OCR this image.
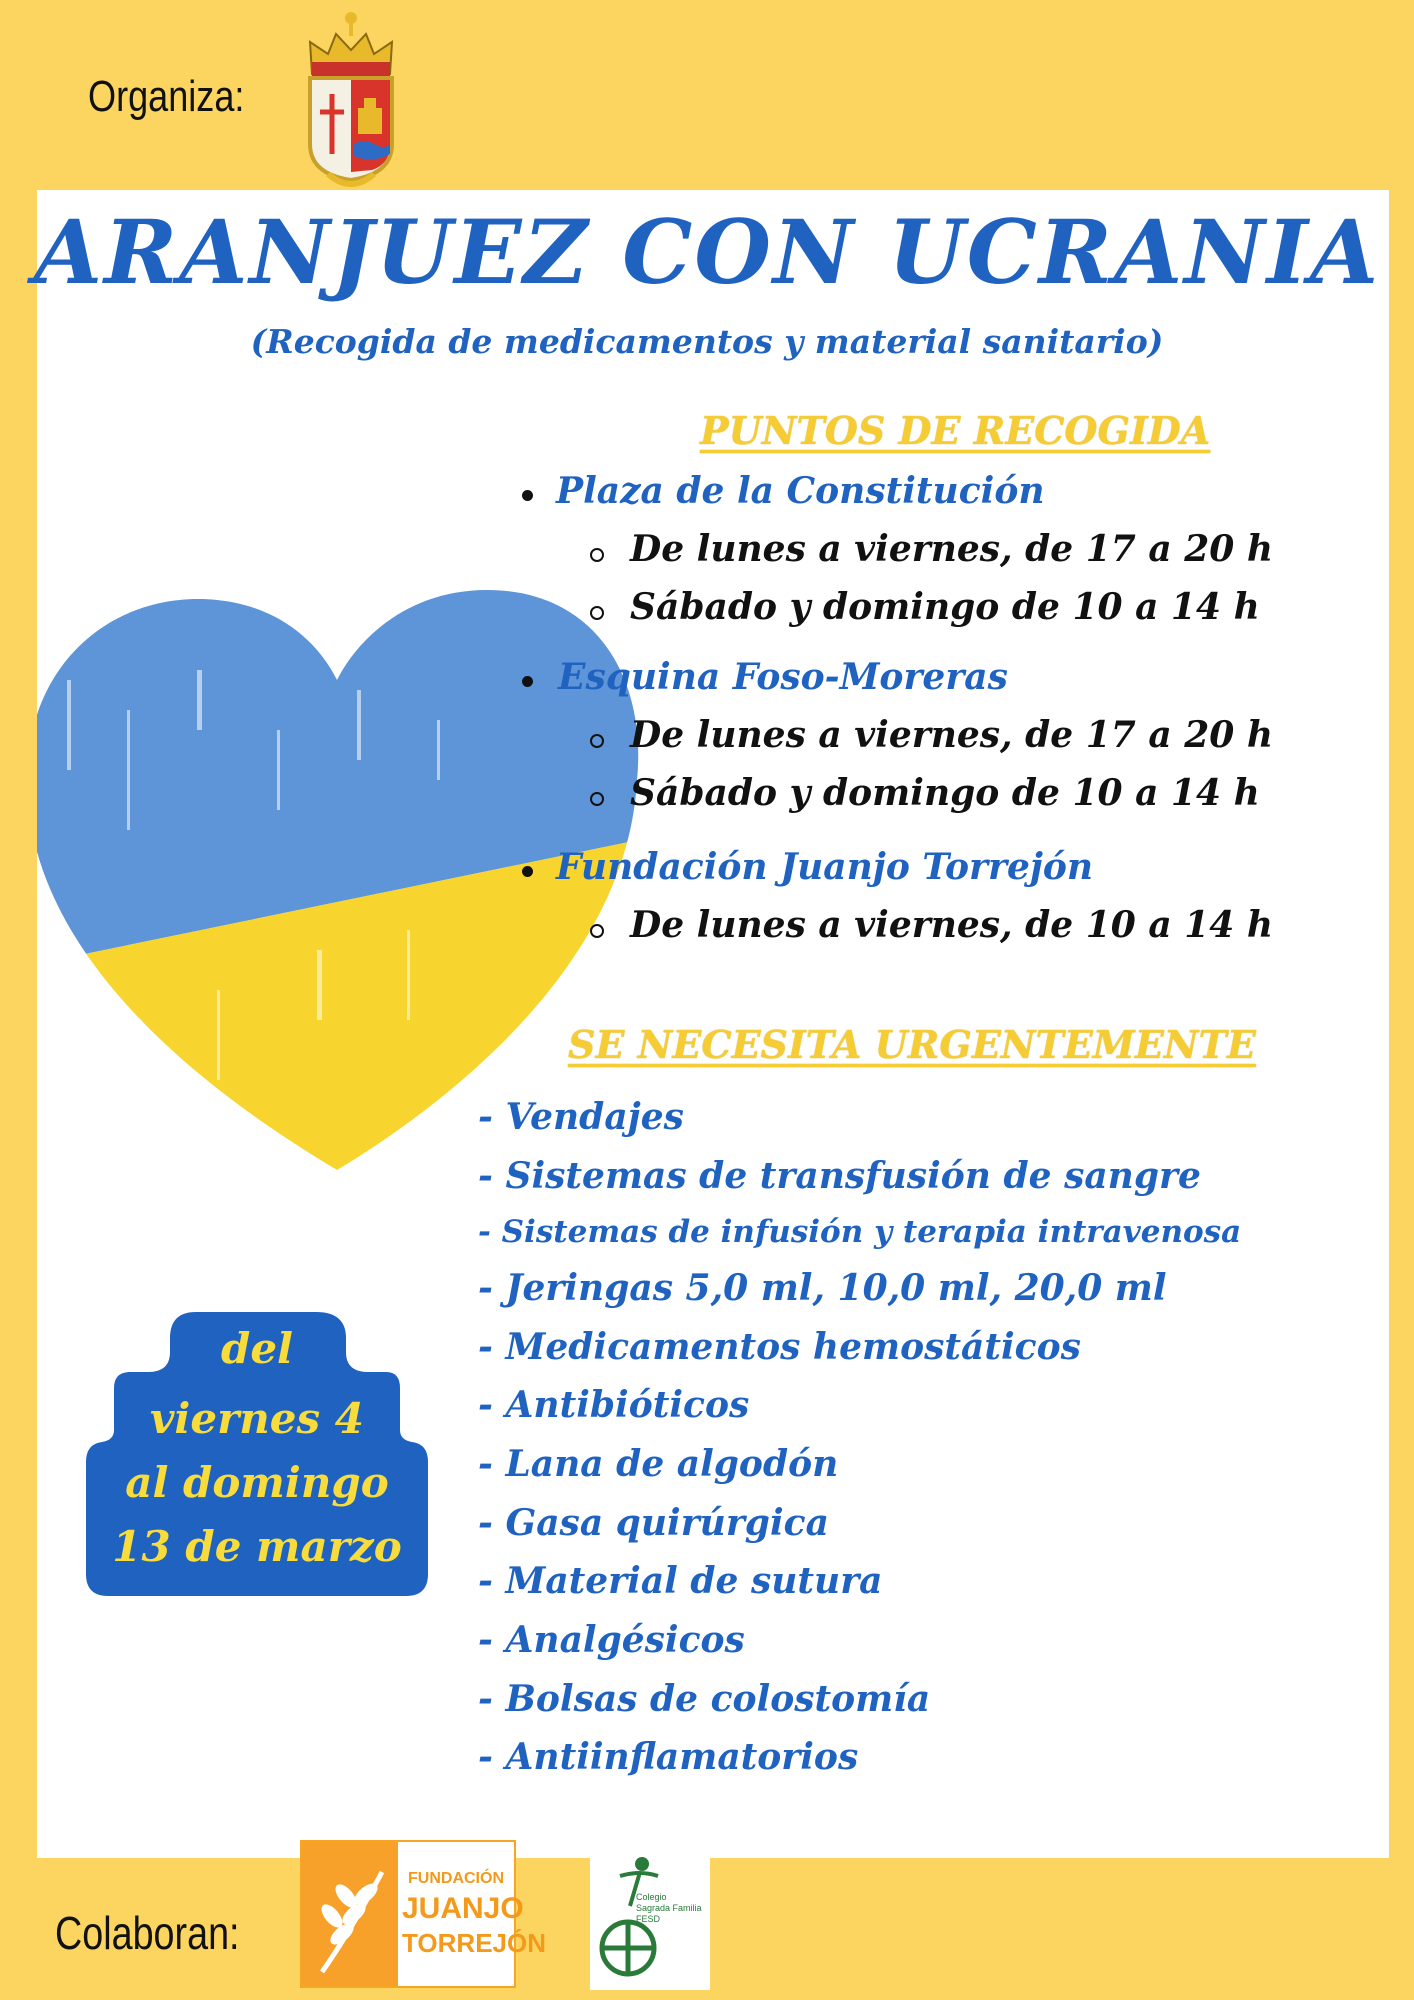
Organiza:
ARANJUEZ CON UCRANIA
(Recogida de medicamentos y material sanitario)
PUNTOS DE RECOGIDA
Plaza de la Constitución
De lunes a viernes, de 17 a 20 h
Sábado y domingo de 10 a 14 h
Esquina Foso-Moreras
De lunes a viernes, de 17 a 20 h
Sábado y domingo de 10 a 14 h
Fundación Juanjo Torrejón
De lunes a viernes, de 10 a 14 h
SE NECESITA URGENTEMENTE
- Vendajes
- Sistemas de transfusión de sangre
- Sistemas de infusión y terapia intravenosa
- Jeringas 5,0 ml, 10,0 ml, 20,0 ml
- Medicamentos hemostáticos
- Antibióticos
- Lana de algodón
- Gasa quirúrgica
- Material de sutura
- Analgésicos
- Bolsas de colostomía
- Antiinflamatorios
del
viernes 4
al domingo
13 de marzo
Colaboran:
FUNDACIÓN
JUANJO
TORREJÓN
Colegio
Sagrada Familia
FESD
